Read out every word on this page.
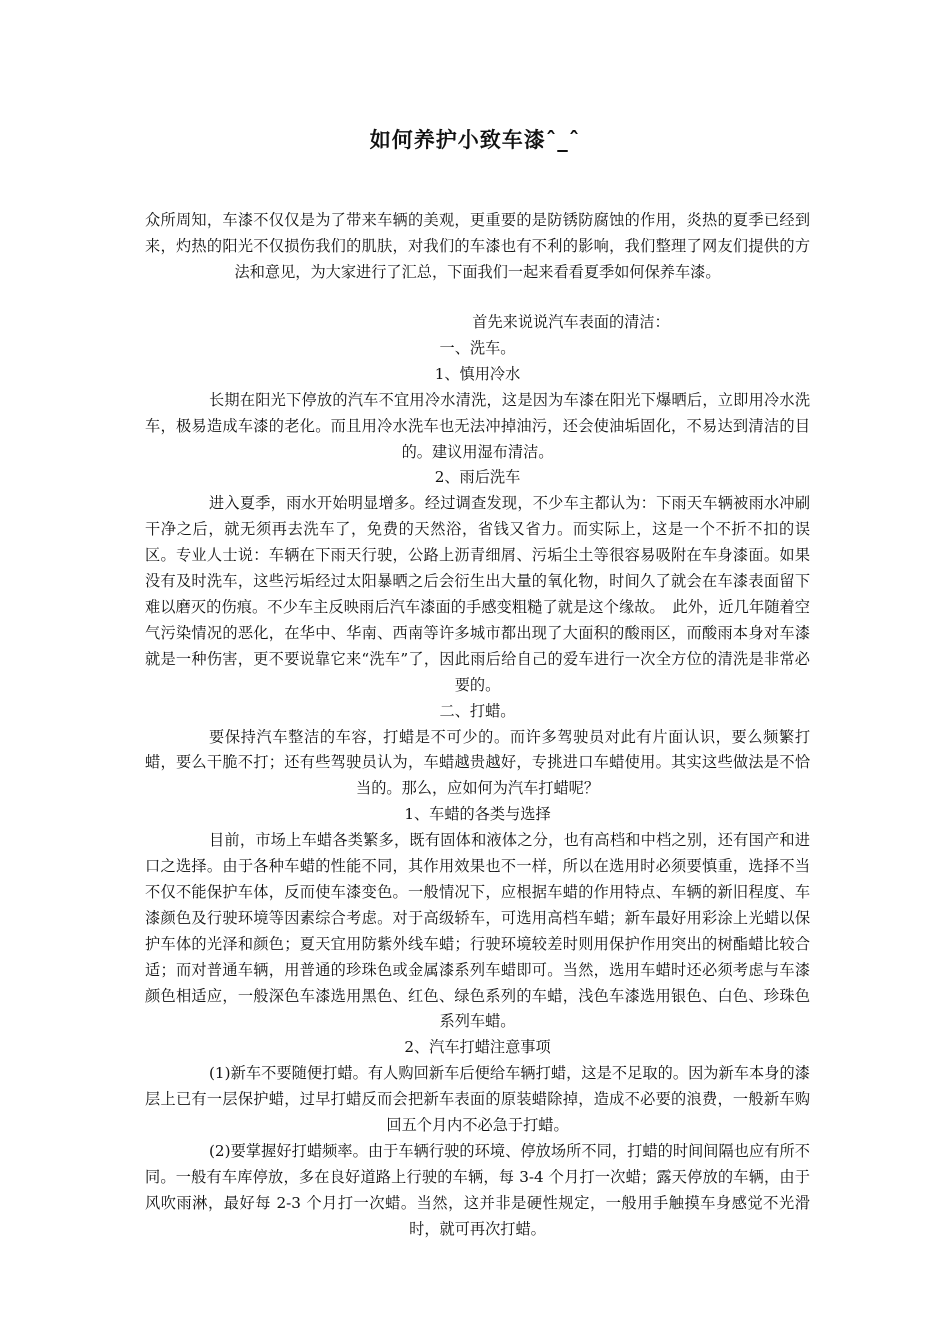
如何养护小致车漆ˆ_ˆ
众所周知，车漆不仅仅是为了带来车辆的美观，更重要的是防锈防腐蚀的作用，炎热的夏季已经到来，灼热的阳光不仅损伤我们的肌肤，对我们的车漆也有不利的影响，我们整理了网友们提供的方法和意见，为大家进行了汇总，下面我们一起来看看夏季如何保养车漆。
首先来说说汽车表面的清洁：
一、洗车。
1、慎用冷水
长期在阳光下停放的汽车不宜用冷水清洗，这是因为车漆在阳光下爆晒后，立即用冷水洗车，极易造成车漆的老化。而且用冷水洗车也无法冲掉油污，还会使油垢固化，不易达到清洁的目的。建议用湿布清洁。
2、雨后洗车
进入夏季，雨水开始明显增多。经过调查发现，不少车主都认为：下雨天车辆被雨水冲刷干净之后，就无须再去洗车了，免费的天然浴，省钱又省力。而实际上，这是一个不折不扣的误区。专业人士说：车辆在下雨天行驶，公路上沥青细屑、污垢尘土等很容易吸附在车身漆面。如果没有及时洗车，这些污垢经过太阳暴晒之后会衍生出大量的氧化物，时间久了就会在车漆表面留下难以磨灭的伤痕。不少车主反映雨后汽车漆面的手感变粗糙了就是这个缘故。　此外，近几年随着空气污染情况的恶化，在华中、华南、西南等许多城市都出现了大面积的酸雨区，而酸雨本身对车漆就是一种伤害，更不要说靠它来“洗车”了，因此雨后给自己的爱车进行一次全方位的清洗是非常必要的。
二、打蜡。
要保持汽车整洁的车容，打蜡是不可少的。而许多驾驶员对此有片面认识，要么频繁打蜡，要么干脆不打；还有些驾驶员认为，车蜡越贵越好，专挑进口车蜡使用。其实这些做法是不恰当的。那么，应如何为汽车打蜡呢？
1、车蜡的各类与选择
目前，市场上车蜡各类繁多，既有固体和液体之分，也有高档和中档之别，还有国产和进口之选择。由于各种车蜡的性能不同，其作用效果也不一样，所以在选用时必须要慎重，选择不当不仅不能保护车体，反而使车漆变色。一般情况下，应根据车蜡的作用特点、车辆的新旧程度、车漆颜色及行驶环境等因素综合考虑。对于高级轿车，可选用高档车蜡；新车最好用彩涂上光蜡以保护车体的光泽和颜色；夏天宜用防紫外线车蜡；行驶环境较差时则用保护作用突出的树酯蜡比较合适；而对普通车辆，用普通的珍珠色或金属漆系列车蜡即可。当然，选用车蜡时还必须考虑与车漆颜色相适应，一般深色车漆选用黑色、红色、绿色系列的车蜡，浅色车漆选用银色、白色、珍珠色系列车蜡。
2、汽车打蜡注意事项
(1)新车不要随便打蜡。有人购回新车后便给车辆打蜡，这是不足取的。因为新车本身的漆层上已有一层保护蜡，过早打蜡反而会把新车表面的原装蜡除掉，造成不必要的浪费，一般新车购回五个月内不必急于打蜡。
(2)要掌握好打蜡频率。由于车辆行驶的环境、停放场所不同，打蜡的时间间隔也应有所不同。一般有车库停放，多在良好道路上行驶的车辆，每 3-4 个月打一次蜡；露天停放的车辆，由于风吹雨淋，最好每 2-3 个月打一次蜡。当然，这并非是硬性规定，一般用手触摸车身感觉不光滑时，就可再次打蜡。
